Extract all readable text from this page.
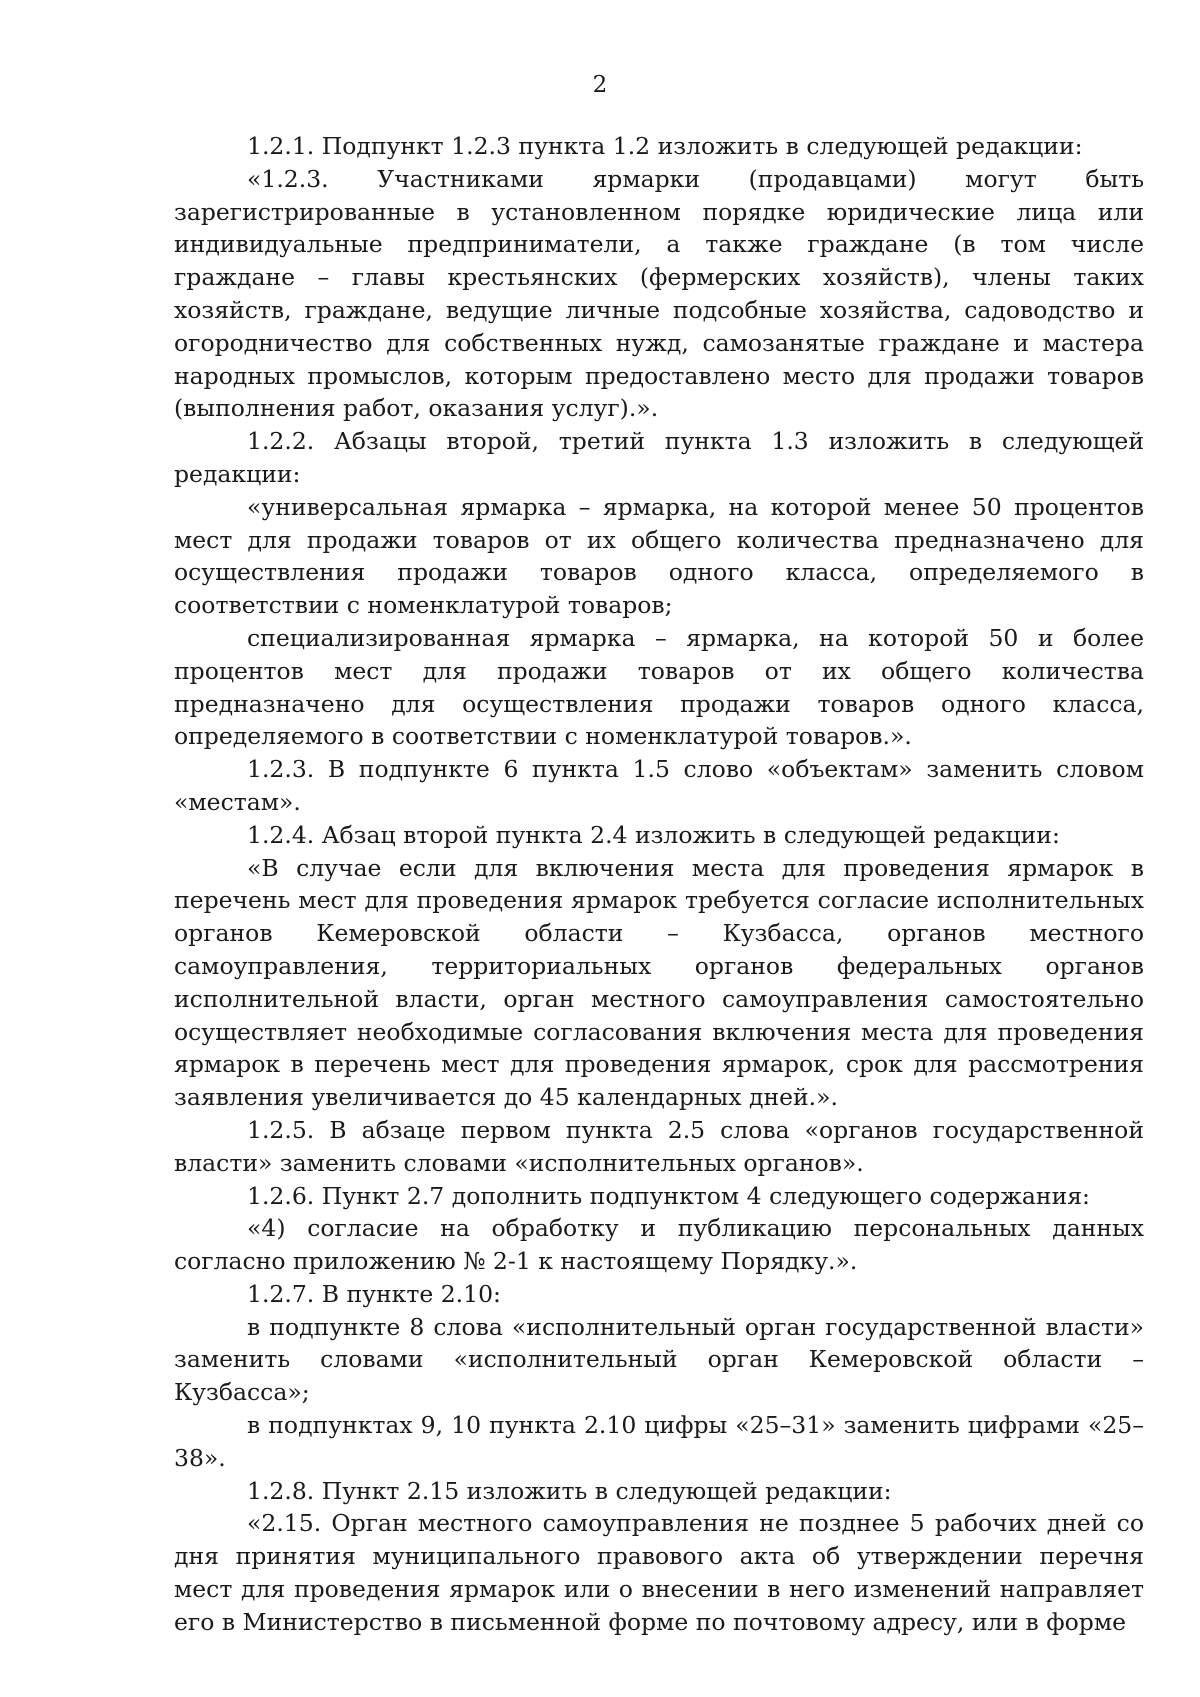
2

1.2.1. Подпункт 1.2.3 пункта 1.2 изложить в следующей редакции:

«1.2.3. Участниками ярмарки (продавцами) могут быть зарегистрированные в установленном порядке юридические лица или индивидуальные предприниматели, а также граждане (в том числе граждане – главы крестьянских (фермерских хозяйств), члены таких хозяйств, граждане, ведущие личные подсобные хозяйства, садоводство и огородничество для собственных нужд, самозанятые граждане и мастера народных промыслов, которым предоставлено место для продажи товаров (выполнения работ, оказания услуг).».

1.2.2. Абзацы второй, третий пункта 1.3 изложить в следующей редакции:

«универсальная ярмарка – ярмарка, на которой менее 50 процентов мест для продажи товаров от их общего количества предназначено для осуществления продажи товаров одного класса, определяемого в соответствии с номенклатурой товаров;

специализированная ярмарка – ярмарка, на которой 50 и более процентов мест для продажи товаров от их общего количества предназначено для осуществления продажи товаров одного класса, определяемого в соответствии с номенклатурой товаров.».

1.2.3. В подпункте 6 пункта 1.5 слово «объектам» заменить словом «местам».

1.2.4. Абзац второй пункта 2.4 изложить в следующей редакции:

«В случае если для включения места для проведения ярмарок в перечень мест для проведения ярмарок требуется согласие исполнительных органов Кемеровской области – Кузбасса, органов местного самоуправления, территориальных органов федеральных органов исполнительной власти, орган местного самоуправления самостоятельно осуществляет необходимые согласования включения места для проведения ярмарок в перечень мест для проведения ярмарок, срок для рассмотрения заявления увеличивается до 45 календарных дней.».

1.2.5. В абзаце первом пункта 2.5 слова «органов государственной власти» заменить словами «исполнительных органов».

1.2.6. Пункт 2.7 дополнить подпунктом 4 следующего содержания:

«4) согласие на обработку и публикацию персональных данных согласно приложению № 2-1 к настоящему Порядку.».

1.2.7. В пункте 2.10:

в подпункте 8 слова «исполнительный орган государственной власти» заменить словами «исполнительный орган Кемеровской области – Кузбасса»;

в подпунктах 9, 10 пункта 2.10 цифры «25–31» заменить цифрами «25–38».

1.2.8. Пункт 2.15 изложить в следующей редакции:

«2.15. Орган местного самоуправления не позднее 5 рабочих дней со дня принятия муниципального правового акта об утверждении перечня мест для проведения ярмарок или о внесении в него изменений направляет его в Министерство в письменной форме по почтовому адресу, или в форме
